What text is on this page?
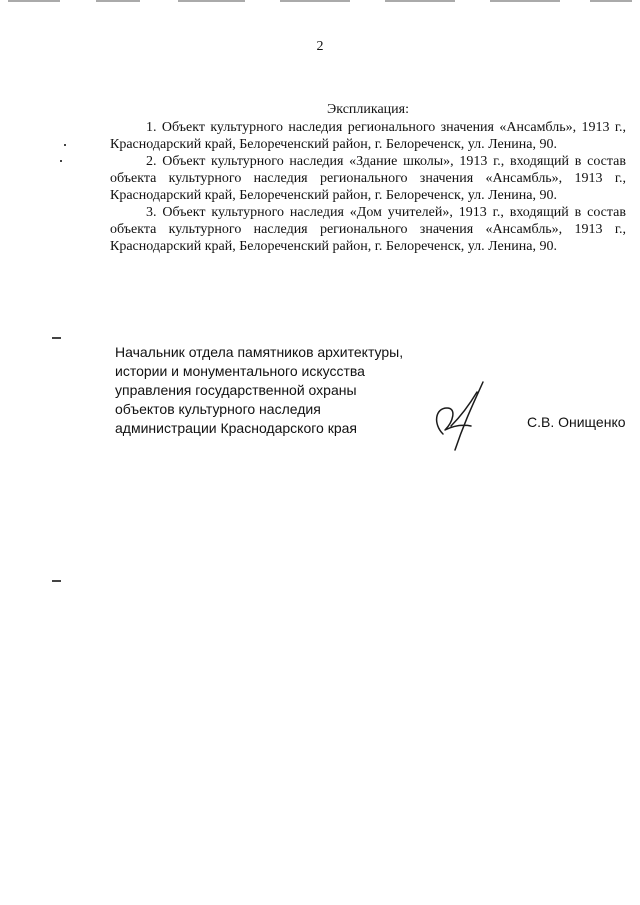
2
Экспликация:

1. Объект культурного наследия регионального значения «Ансамбль», 1913 г., Краснодарский край, Белореченский район, г. Белореченск, ул. Ленина, 90.

2. Объект культурного наследия «Здание школы», 1913 г., входящий в состав объекта культурного наследия регионального значения «Ансамбль», 1913 г., Краснодарский край, Белореченский район, г. Белореченск, ул. Ленина, 90.

3. Объект культурного наследия «Дом учителей», 1913 г., входящий в состав объекта культурного наследия регионального значения «Ансамбль», 1913 г., Краснодарский край, Белореченский район, г. Белореченск, ул. Ленина, 90.

Начальник отдела памятников архитектуры,
истории и монументального искусства
управления государственной охраны
объектов культурного наследия
администрации Краснодарского края	С.В. Онищенко
